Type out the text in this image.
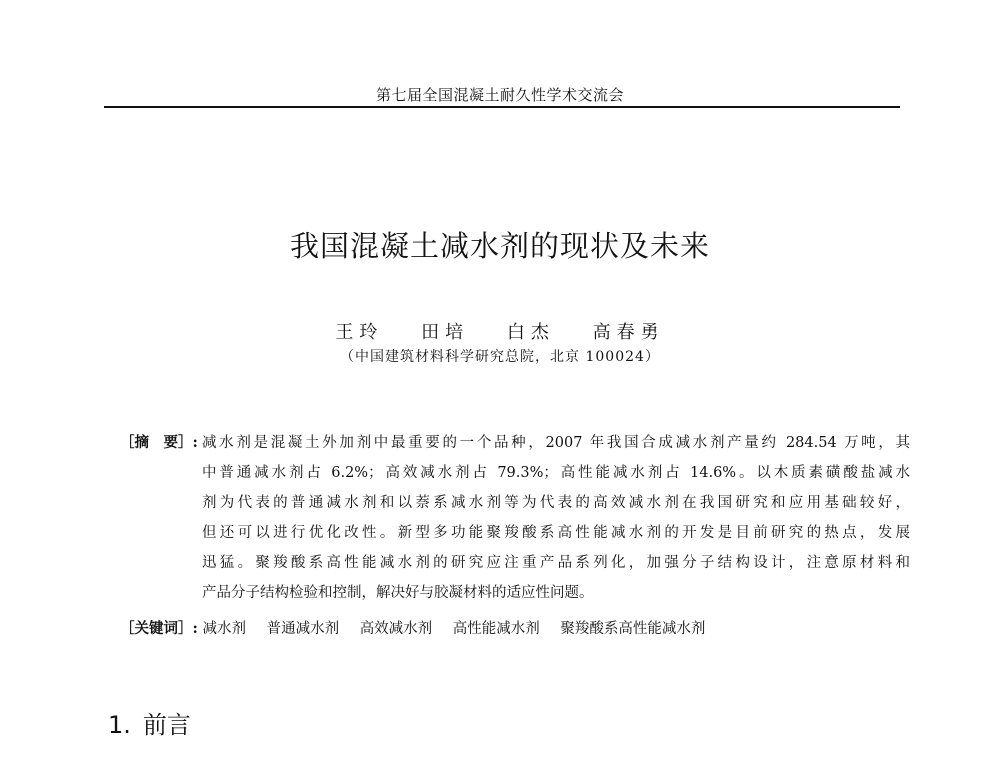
第七届全国混凝土耐久性学术交流会
我国混凝土减水剂的现状及未来
王玲 田培 白杰 高春勇
（中国建筑材料科学研究总院，北京 100024）
［摘　要］: 减水剂是混凝土外加剂中最重要的一个品种，2007 年我国合成减水剂产量约 284.54 万吨，其
中普通减水剂占 6.2%；高效减水剂占 79.3%；高性能减水剂占 14.6%。以木质素磺酸盐减水
剂为代表的普通减水剂和以萘系减水剂等为代表的高效减水剂在我国研究和应用基础较好，
但还可以进行优化改性。新型多功能聚羧酸系高性能减水剂的开发是目前研究的热点，发展
迅猛。聚羧酸系高性能减水剂的研究应注重产品系列化，加强分子结构设计，注意原材料和
产品分子结构检验和控制，解决好与胶凝材料的适应性问题。
［关键词］: 减水剂 普通减水剂 高效减水剂 高性能减水剂 聚羧酸系高性能减水剂
1. 前言
